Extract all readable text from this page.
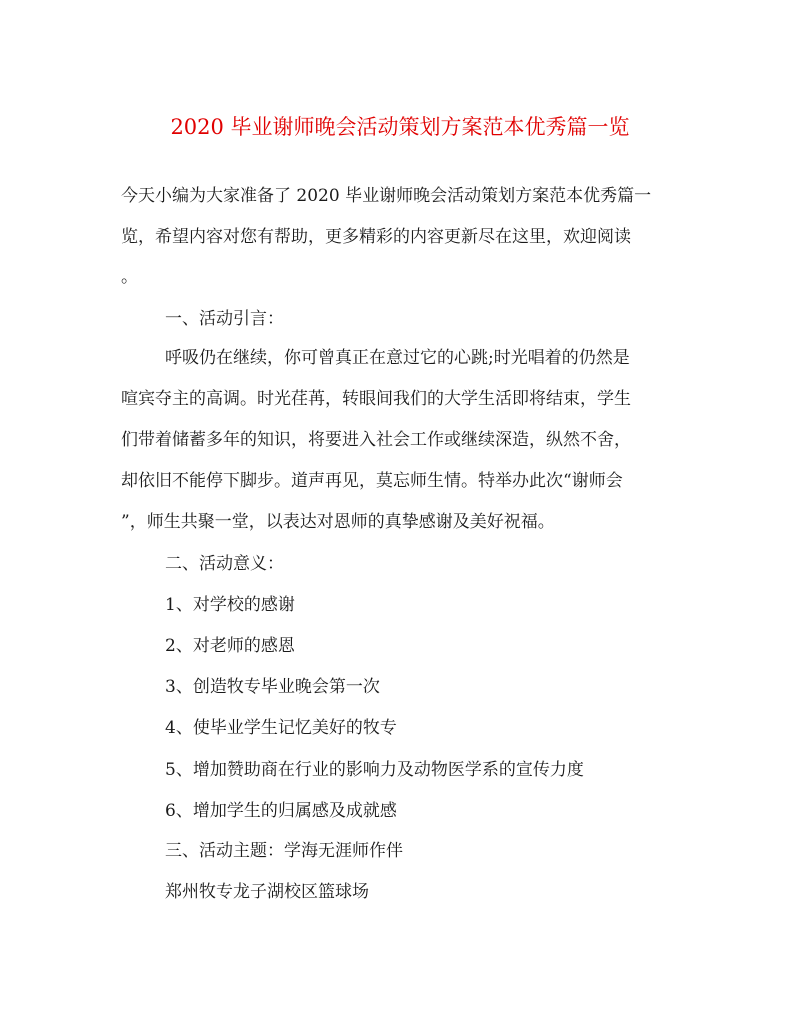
2020 毕业谢师晚会活动策划方案范本优秀篇一览
今天小编为大家准备了 2020 毕业谢师晚会活动策划方案范本优秀篇一
览，希望内容对您有帮助，更多精彩的内容更新尽在这里，欢迎阅读
。
一、活动引言：
呼吸仍在继续，你可曾真正在意过它的心跳;时光唱着的仍然是
喧宾夺主的高调。时光荏苒，转眼间我们的大学生活即将结束，学生
们带着储蓄多年的知识，将要进入社会工作或继续深造，纵然不舍，
却依旧不能停下脚步。道声再见，莫忘师生情。特举办此次“谢师会
”，师生共聚一堂，以表达对恩师的真挚感谢及美好祝福。
二、活动意义：
1、对学校的感谢
2、对老师的感恩
3、创造牧专毕业晚会第一次
4、使毕业学生记忆美好的牧专
5、增加赞助商在行业的影响力及动物医学系的宣传力度
6、增加学生的归属感及成就感
三、活动主题：学海无涯师作伴
郑州牧专龙子湖校区篮球场
